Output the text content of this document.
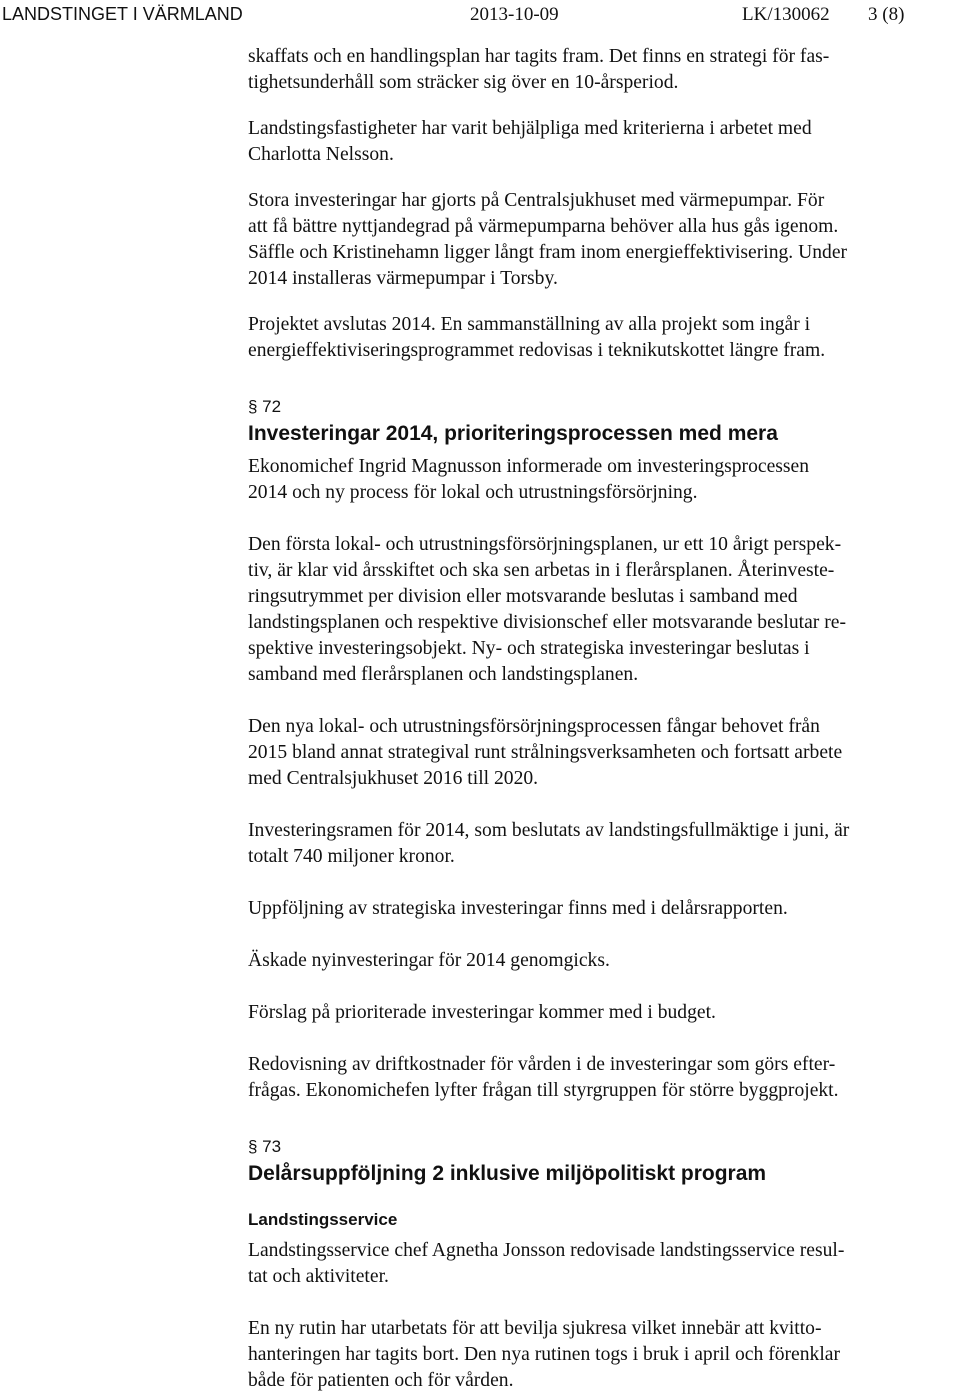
LANDSTINGET I VÄRMLAND	2013-10-09	LK/130062 3 (8)

skaffats och en handlingsplan har tagits fram. Det finns en strategi för fas-
tighetsunderhåll som sträcker sig över en 10-årsperiod.

Landstingsfastigheter har varit behjälpliga med kriterierna i arbetet med
Charlotta Nelsson.

Stora investeringar har gjorts på Centralsjukhuset med värmepumpar. För
att få bättre nyttjandegrad på värmepumparna behöver alla hus gås igenom.
Säffle och Kristinehamn ligger långt fram inom energieffektivisering. Under
2014 installeras värmepumpar i Torsby.

Projektet avslutas 2014. En sammanställning av alla projekt som ingår i
energieffektiviseringsprogrammet redovisas i teknikutskottet längre fram.

§ 72

Investeringar 2014, prioriteringsprocessen med mera

Ekonomichef Ingrid Magnusson informerade om investeringsprocessen
2014 och ny process för lokal och utrustningsförsörjning.

Den första lokal- och utrustningsförsörjningsplanen, ur ett 10 årigt perspek-
tiv, är klar vid årsskiftet och ska sen arbetas in i flerårsplanen. Återinveste-
ringsutrymmet per division eller motsvarande beslutas i samband med
landstingsplanen och respektive divisionschef eller motsvarande beslutar re-
spektive investeringsobjekt. Ny- och strategiska investeringar beslutas i
samband med flerårsplanen och landstingsplanen.

Den nya lokal- och utrustningsförsörjningsprocessen fångar behovet från
2015 bland annat strategival runt strålningsverksamheten och fortsatt arbete
med Centralsjukhuset 2016 till 2020.

Investeringsramen för 2014, som beslutats av landstingsfullmäktige i juni, är
totalt 740 miljoner kronor.

Uppföljning av strategiska investeringar finns med i delårsrapporten.

Äskade nyinvesteringar för 2014 genomgicks.

Förslag på prioriterade investeringar kommer med i budget.

Redovisning av driftkostnader för vården i de investeringar som görs efter-
frågas. Ekonomichefen lyfter frågan till styrgruppen för större byggprojekt.

§ 73

Delårsuppföljning 2 inklusive miljöpolitiskt program
Landstingsservice

Landstingsservice chef Agnetha Jonsson redovisade landstingsservice resul-
tat och aktiviteter.

En ny rutin har utarbetats för att bevilja sjukresa vilket innebär att kvitto-
hanteringen har tagits bort. Den nya rutinen togs i bruk i april och förenklar
både för patienten och för vården.
